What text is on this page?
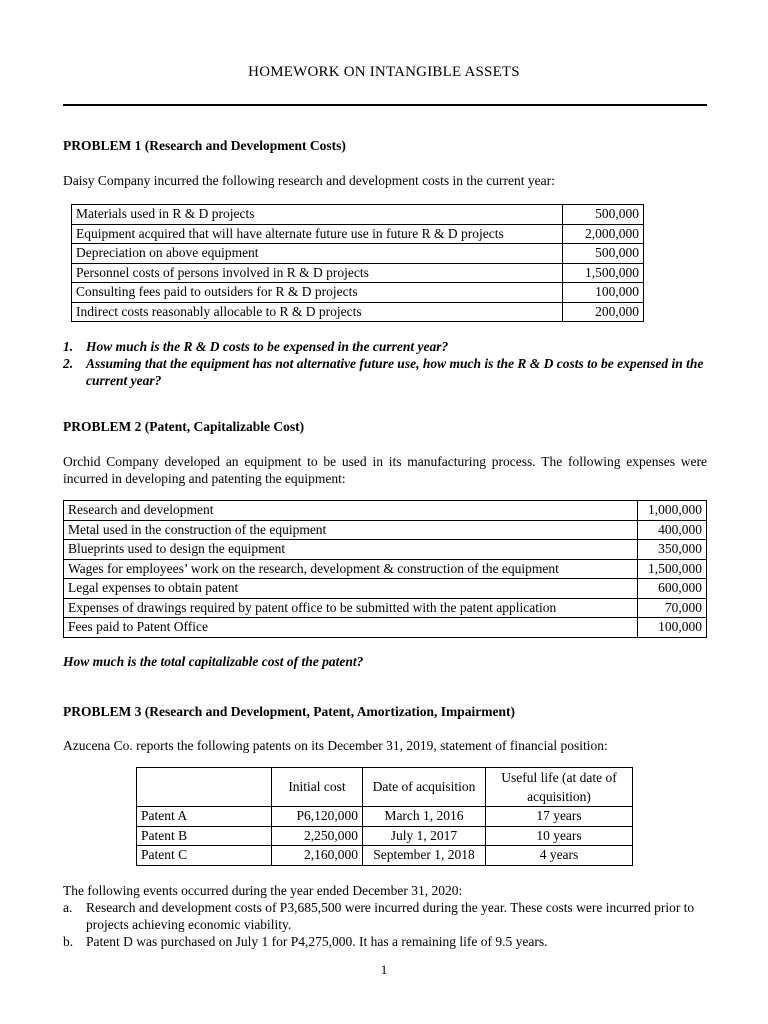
HOMEWORK ON INTANGIBLE ASSETS
PROBLEM 1 (Research and Development Costs)

Daisy Company incurred the following research and development costs in the current year:

Materials used in R & D projects	500,000
Equipment acquired that will have alternate future use in future R & D projects	2,000,000
Depreciation on above equipment	500,000
Personnel costs of persons involved in R & D projects	1,500,000
Consulting fees paid to outsiders for R & D projects	100,000
Indirect costs reasonably allocable to R & D projects	200,000
1. How much is the R & D costs to be expensed in the current year?
2. Assuming that the equipment has not alternative future use, how much is the R & D costs to be expensed in the current year?
PROBLEM 2 (Patent, Capitalizable Cost)

Orchid Company developed an equipment to be used in its manufacturing process. The following expenses were incurred in developing and patenting the equipment:

Research and development	1,000,000
Metal used in the construction of the equipment	400,000
Blueprints used to design the equipment	350,000
Wages for employees’ work on the research, development & construction of the equipment	1,500,000
Legal expenses to obtain patent	600,000
Expenses of drawings required by patent office to be submitted with the patent application	70,000
Fees paid to Patent Office	100,000

How much is the total capitalizable cost of the patent?

PROBLEM 3 (Research and Development, Patent, Amortization, Impairment)

Azucena Co. reports the following patents on its December 31, 2019, statement of financial position:

	Initial cost	Date of acquisition	Useful life (at date of acquisition)
Patent A	P6,120,000	March 1, 2016	17 years
Patent B	2,250,000	July 1, 2017	10 years
Patent C	2,160,000	September 1, 2018	4 years

The following events occurred during the year ended December 31, 2020:

a. Research and development costs of P3,685,500 were incurred during the year. These costs were incurred prior to projects achieving economic viability.
b. Patent D was purchased on July 1 for P4,275,000. It has a remaining life of 9.5 years.

1
